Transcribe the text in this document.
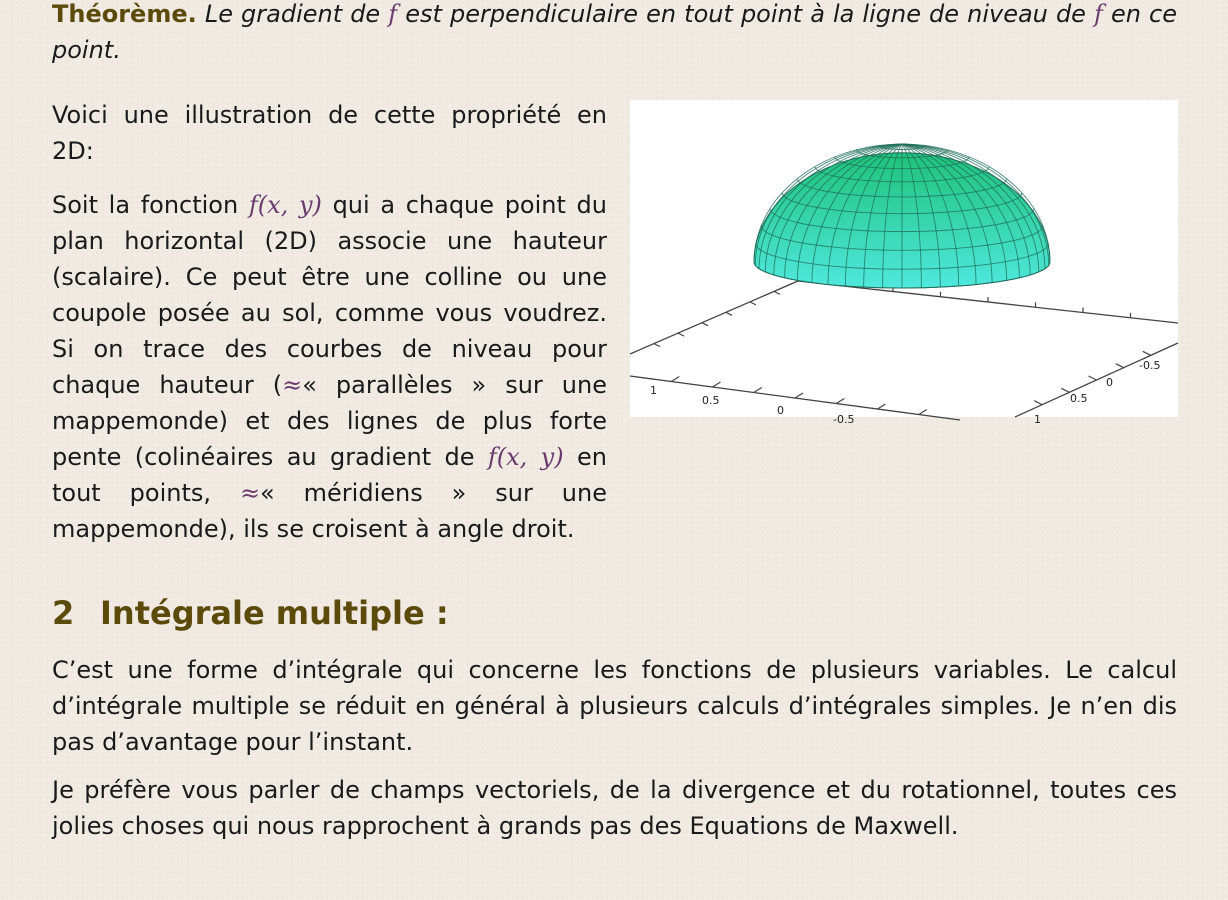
Théorème. Le gradient de f est perpendiculaire en tout point à la ligne de niveau de f en ce point.

Voici une illustration de cette propriété en 2D:

Soit la fonction f(x, y) qui a chaque point du plan horizontal (2D) associe une hauteur (scalaire). Ce peut être une colline ou une coupole posée au sol, comme vous voudrez. Si on trace des courbes de niveau pour chaque hauteur (≈« parallèles » sur une mappemonde) et des lignes de plus forte pente (colinéaires au gradient de f(x, y) en tout points, ≈« méridiens » sur une mappemonde), ils se croisent à angle droit.

1
0.5
0
-0.5	1
0.5
0
-0.5
2 Intégrale multiple :

C’est une forme d’intégrale qui concerne les fonctions de plusieurs variables. Le calcul d’intégrale multiple se réduit en général à plusieurs calculs d’intégrales simples. Je n’en dis pas d’avantage pour l’instant.

Je préfère vous parler de champs vectoriels, de la divergence et du rotationnel, toutes ces jolies choses qui nous rapprochent à grands pas des Equations de Maxwell.
